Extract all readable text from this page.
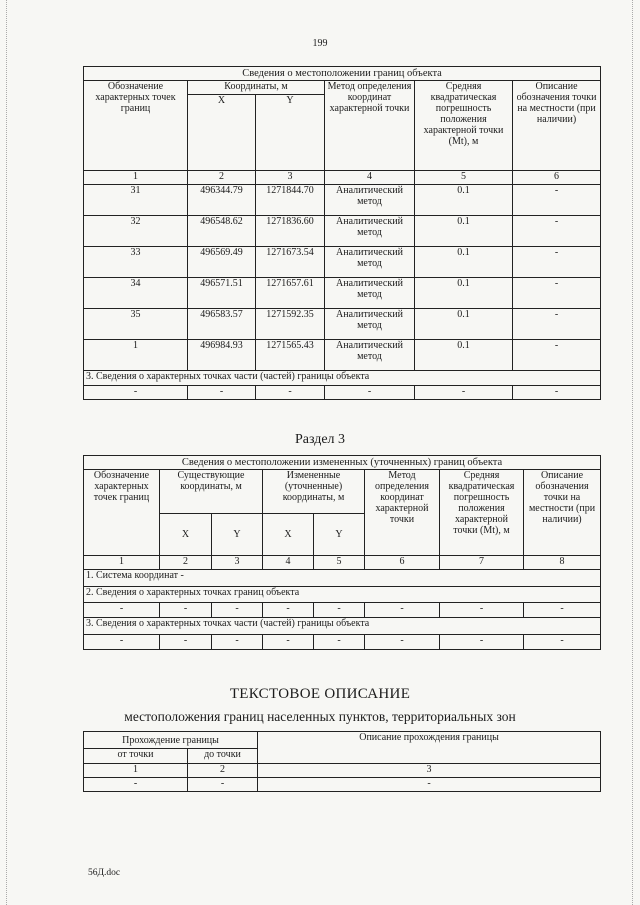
199
Сведения о местоположении границ объекта					
Обозначение характерных точек границ	Координаты, м		Метод определения координат характерной точки	Средняя квадратическая погрешность положения характерной точки (Mt), м	Описание обозначения точки на местности (при наличии)
	X	Y			
1	2	3	4	5	6
31	496344.79	1271844.70	Аналитический метод	0.1	-
32	496548.62	1271836.60	Аналитический метод	0.1	-
33	496569.49	1271673.54	Аналитический метод	0.1	-
34	496571.51	1271657.61	Аналитический метод	0.1	-
35	496583.57	1271592.35	Аналитический метод	0.1	-
1	496984.93	1271565.43	Аналитический метод	0.1	-
3. Сведения о характерных точках части (частей) границы объекта					
-	-	-	-	-	-
Раздел 3
Сведения о местоположении измененных (уточненных) границ объекта							
Обозначение характерных точек границ	Существующие координаты, м		Измененные (уточненные) координаты, м		Метод определения координат характерной точки	Средняя квадратическая погрешность положения характерной точки (Mt), м	Описание обозначения точки на местности (при наличии)
	X	Y	X	Y			
1	2	3	4	5	6	7	8
1. Система координат -							
2. Сведения о характерных точках границ объекта							
-	-	-	-	-	-	-	-
3. Сведения о характерных точках части (частей) границы объекта							
-	-	-	-	-	-	-	-
ТЕКСТОВОЕ ОПИСАНИЕ
местоположения границ населенных пунктов, территориальных зон
Прохождение границы		Описание прохождения границы
от точки	до точки	
1	2	3
-	-	-
56Д.doc
